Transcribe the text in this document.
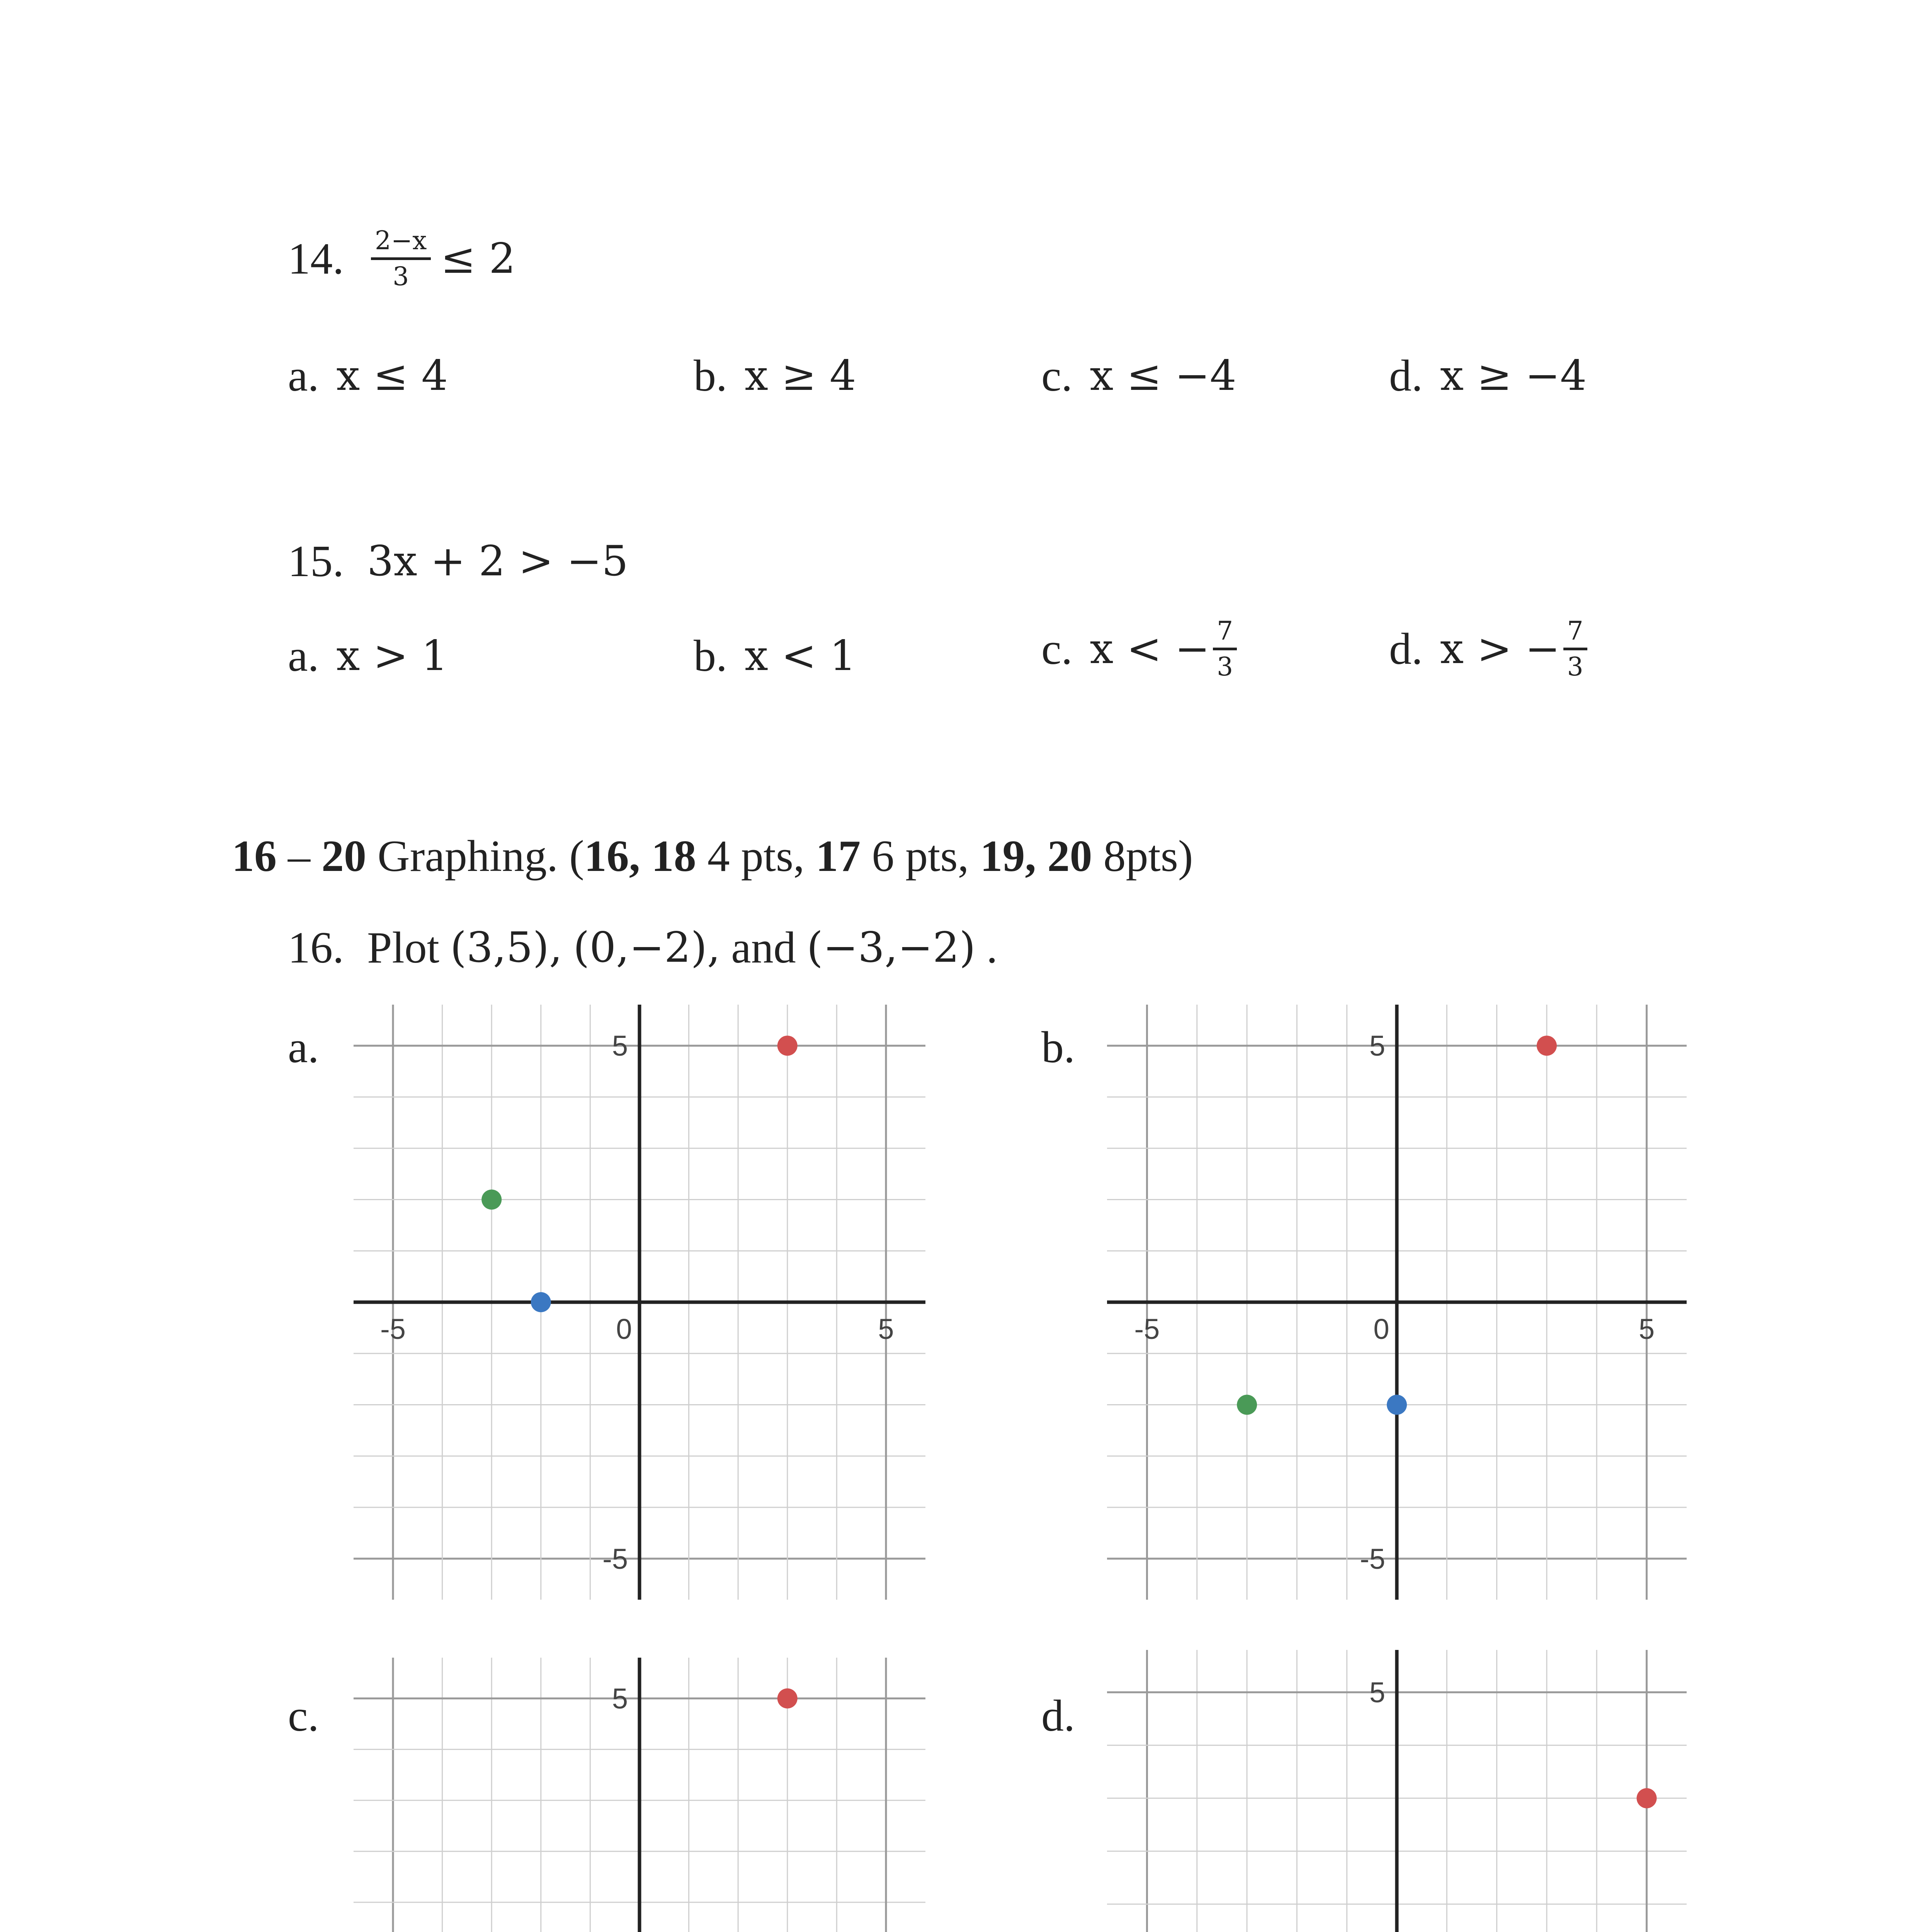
14. $\frac{2-x}{3} \le 2$
a. x ≤ 4	b. x ≥ 4	c. x ≤ −4	d. x ≥ −4
15. 3x + 2 > −5
a. x > 1	b. x < 1	c. x < − $\frac{7}{3}$	d. x > − $\frac{7}{3}$
16 – 20 Graphing. (16, 18 4 pts, 17 6 pts, 19, 20 8pts)
16. Plot (3,5), (0,−2), and (−3,−2) .
a.	b.
c.	d.
-5	0	5
5
-5
-5	0	5
5
-5
5	5
